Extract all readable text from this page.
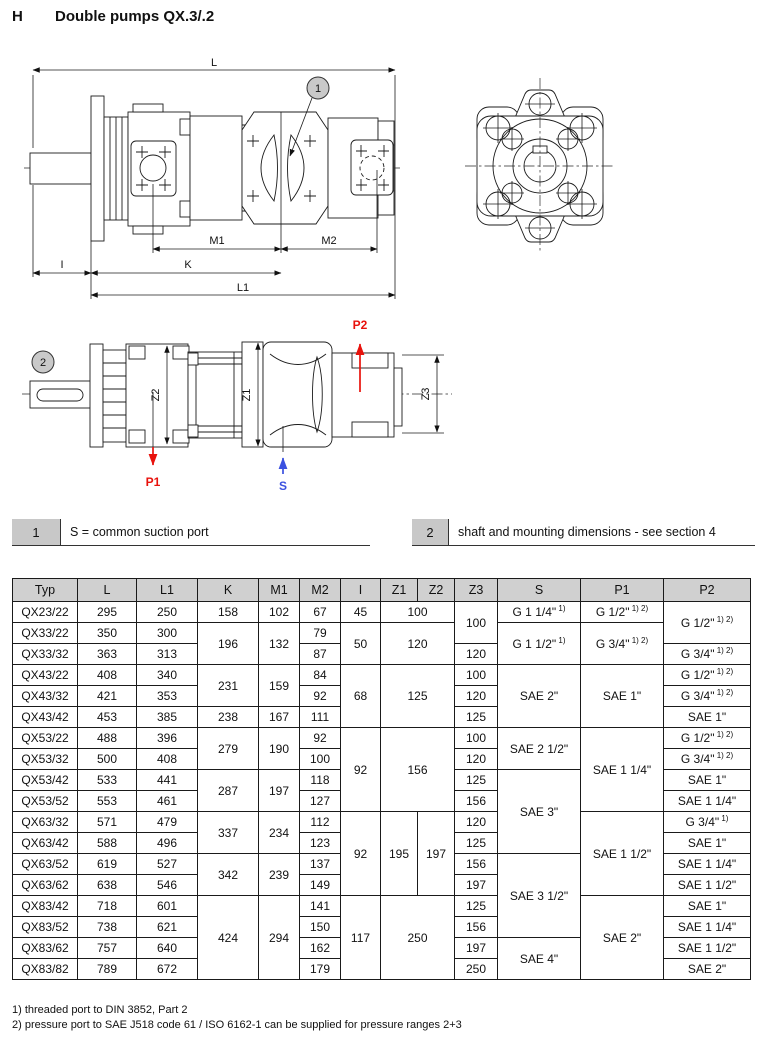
H Double pumps QX.3/.2
1
L
M1	M2
I	K
L1
Z2	Z1	Z3
P1
P2
S
2
1	S = common suction port	2	shaft and mounting dimensions - see section 4
Typ	L	L1	K	M1	M2	I	Z1	Z2	Z3	S	P1	P2
QX23/22	295	250	158	102	67	45	100		100	G 1 1/4" $^{1)}$	G 1/2" $^{1) 2)}$	G 1/2" $^{1) 2)}$
QX33/22	350	300	196	132	79	50	120			G 1 1/2" $^{1)}$	G 3/4" $^{1) 2)}$
QX33/32	363	313			87				120			G 3/4" $^{1) 2)}$
QX43/22	408	340	231	159	84	68	125		100	SAE 2"	SAE 1"	G 1/2" $^{1) 2)}$
QX43/32	421	353			92				120			G 3/4" $^{1) 2)}$
QX43/42	453	385	238	167	111				125			SAE 1"
QX53/22	488	396	279	190	92	92	156		100	SAE 2 1/2"	SAE 1 1/4"	G 1/2" $^{1) 2)}$
QX53/32	500	408			100				120			G 3/4" $^{1) 2)}$
QX53/42	533	441	287	197	118				125	SAE 3"		SAE 1"
QX53/52	553	461			127				156			SAE 1 1/4"
QX63/32	571	479	337	234	112	92	195	197	120		SAE 1 1/2"	G 3/4" $^{1)}$
QX63/42	588	496			123				125			SAE 1"
QX63/52	619	527	342	239	137				156	SAE 3 1/2"		SAE 1 1/4"
QX63/62	638	546			149				197			SAE 1 1/2"
QX83/42	718	601	424	294	141	117	250		125		SAE 2"	SAE 1"
QX83/52	738	621			150				156			SAE 1 1/4"
QX83/62	757	640			162				197	SAE 4"		SAE 1 1/2"
QX83/82	789	672			179				250			SAE 2"
1) threaded port to DIN 3852, Part 2
2) pressure port to SAE J518 code 61 / ISO 6162-1 can be supplied for pressure ranges 2+3
